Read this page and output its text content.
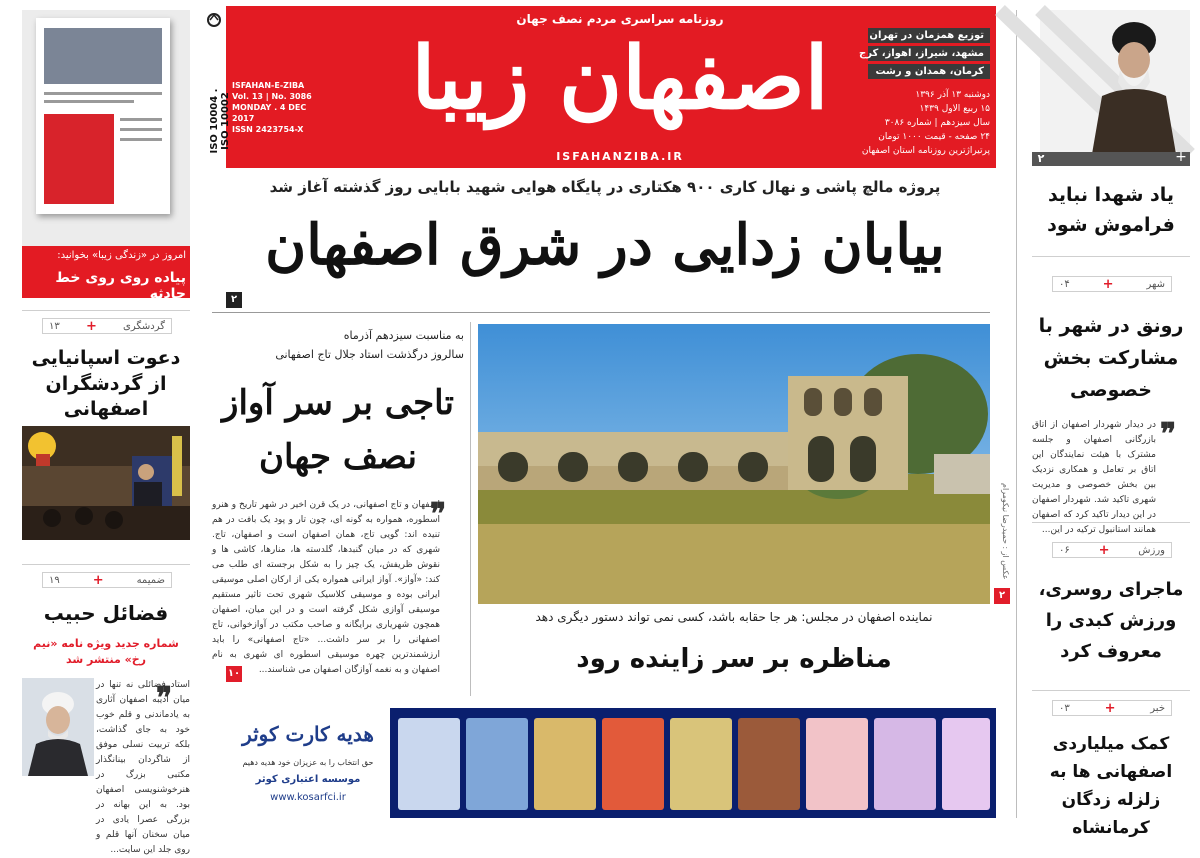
روزنامه سراسری مردم نصف جهان
اصفهان زیبا
ISFAHANZIBA.IR
توزیع همزمان در تهران
مشهد، شیراز، اهواز، کرج
کرمان، همدان و رشت
دوشنبه ۱۳ آذر ۱۳۹۶
۱۵ ربیع الاول ۱۴۳۹
سال سیزدهم | شماره ۳۰۸۶
۲۴ صفحه - قیمت ۱۰۰۰ تومان
پرتیراژترین روزنامه استان اصفهان
ISFAHAN-E-ZIBA
Vol. 13 | No. 3086
MONDAY . 4 DEC 2017
ISSN 2423754-X
ISO 10004 . ISO 10002
امروز در «زندگی زیبا» بخوانید:
پیاده روی روی خط حادثه
گردشگری
+
۱۳
دعوت اسپانیایی از گردشگران اصفهانی
ضمیمه
+
۱۹
فضائل حبیب
شماره جدید ویژه نامه «نیم رخ» منتشر شد
❞
استاد فضائلی نه تنها در میان ادیبه اصفهان آثاری به یادماندنی و قلم خوب خود به جای گذاشت، بلکه تربیت نسلی موفق از شاگردان بینانگذار مکتبی بزرگ در هنرخوشنویسی اصفهان بود. به این بهانه در بزرگی عصرا یادی در میان سخنان آنها قلم و روی جلد این سایت...
پروژه مالچ پاشی و نهال کاری ۹۰۰ هکتاری در پایگاه هوایی شهید بابایی روز گذشته آغاز شد
بیابان زدایی در شرق اصفهان
۲
به مناسبت سیزدهم آذرماه
سالروز درگذشت استاد جلال تاج اصفهانی
تاجی بر سر آواز
نصف جهان
❞
اصفهان و تاج اصفهانی، در یک قرن اخیر در شهر تاریخ و هنرو اسطوره، همواره به گونه ای، چون تار و پود یک بافت در هم تنیده اند: گویی تاج، همان اصفهان است و اصفهان، تاج. شهری که در میان گنبدها، گلدسته ها، منارها، کاشی ها و نقوش ظریفش، یک چیز را به شکل برجسته ای طلب می کند: «آواز». آواز ایرانی همواره یکی از ارکان اصلی موسیقی ایرانی بوده و موسیقی کلاسیک شهری تحت تاثیر مستقیم موسیقی آوازی شکل گرفته است و در این میان، اصفهان همچون شهریاری برایگانه و صاحب مکتب در آوازخوانی، تاج اصفهانی را بر سر داشت... «تاج اصفهانی» را باید ارزشمندترین چهره موسیقی اسطوره ای شهری به نام اصفهان و به نغمه آوازگان اصفهان می شناسند...
۱۰
عکس از : حمیدرضا نیکومرام
۲
نماینده اصفهان در مجلس: هر جا حقابه باشد، کسی نمی تواند دستور دیگری دهد
مناظره بر سر زاینده رود
هدیه کارت کوثر
حق انتخاب را به عزیزان خود هدیه دهیم
موسسه اعتباری کوثر
www.kosarfci.ir
۲	+
یاد شهدا نباید فراموش شود
شهر
+
۰۴
رونق در شهر با مشارکت بخش خصوصی
❞
در دیدار شهردار اصفهان از اتاق بازرگانی اصفهان و جلسه مشترک با هیئت نمایندگان این اتاق بر تعامل و همکاری نزدیک بین بخش خصوصی و مدیریت شهری تاکید شد. شهردار اصفهان در این دیدار تاکید کرد که اصفهان همانند استانبول ترکیه در این...
ورزش
+
۰۶
ماجرای روسری، ورزش کبدی را معروف کرد
خبر
+
۰۳
کمک میلیاردی اصفهانی ها به زلزله زدگان کرمانشاه
